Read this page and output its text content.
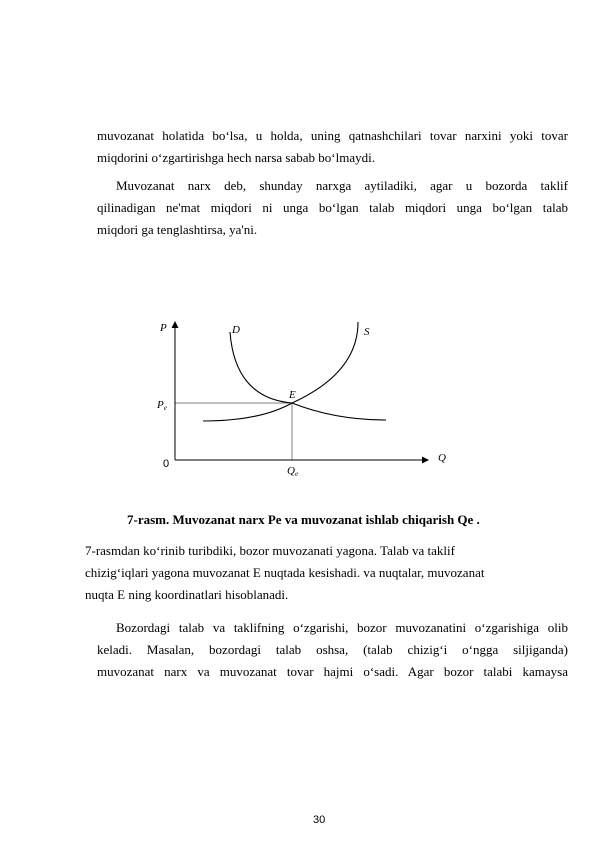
muvozanat holatida bo‘lsa, u holda, uning qatnashchilari tovar narxini yoki tovar
miqdorini o‘zgartirishga hech narsa sabab bo‘lmaydi.
Muvozanat narx deb, shunday narxga aytiladiki, agar u bozorda taklif
qilinadigan ne'mat miqdori ni unga bo‘lgan talab miqdori unga bo‘lgan talab
miqdori ga tenglashtirsa, ya'ni.
P
Q
0
D	S
E
Pe
Qe
7-rasm. Muvozanat narx Pe va muvozanat ishlab chiqarish Qe .
7-rasmdan ko‘rinib turibdiki, bozor muvozanati yagona. Talab va taklif
chizig‘iqlari yagona muvozanat E nuqtada kesishadi. va nuqtalar, muvozanat
nuqta E ning koordinatlari hisoblanadi.
Bozordagi talab va taklifning o‘zgarishi, bozor muvozanatini o‘zgarishiga olib
keladi. Masalan, bozordagi talab oshsa, (talab chizig‘i o‘ngga siljiganda)
muvozanat narx va muvozanat tovar hajmi o‘sadi. Agar bozor talabi kamaysa
30
